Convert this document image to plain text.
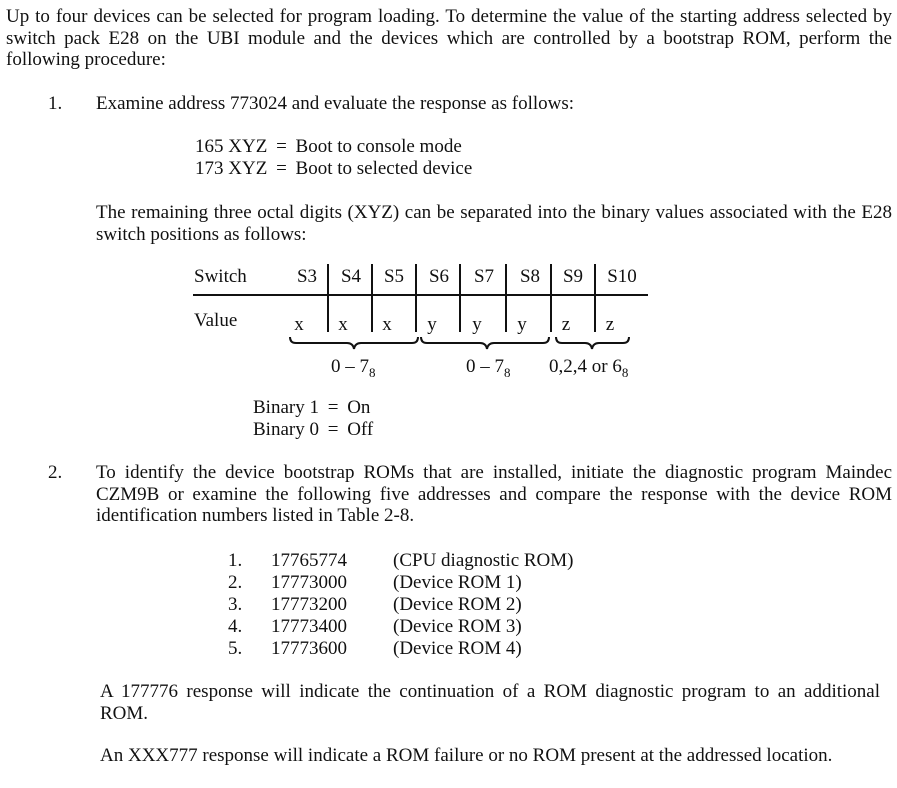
Up to four devices can be selected for program loading. To determine the value of the starting address selected by switch pack E28 on the UBI module and the devices which are controlled by a bootstrap ROM, perform the following procedure:

1. Examine address 773024 and evaluate the response as follows:

165 XYZ = Boot to console mode
173 XYZ = Boot to selected device

The remaining three octal digits (XYZ) can be separated into the binary values associated with the E28 switch positions as follows:

Switch
Value
S3 S4 S5 S6 S7 S8 S9 S10
x x x y y y z z
$0 - 7_8$	$0 - 7_8$ 0,2,4 or $6_8$
Binary 1 = On
Binary 0 = Off
2. To identify the device bootstrap ROMs that are installed, initiate the diagnostic program Maindec CZM9B or examine the following five addresses and compare the response with the device ROM identification numbers listed in Table 2-8.

1. 17765774 (CPU diagnostic ROM)
2. 17773000 (Device ROM 1)
3. 17773200 (Device ROM 2)
4. 17773400 (Device ROM 3)
5. 17773600 (Device ROM 4)

A 177776 response will indicate the continuation of a ROM diagnostic program to an additional ROM.

An XXX777 response will indicate a ROM failure or no ROM present at the addressed location.
